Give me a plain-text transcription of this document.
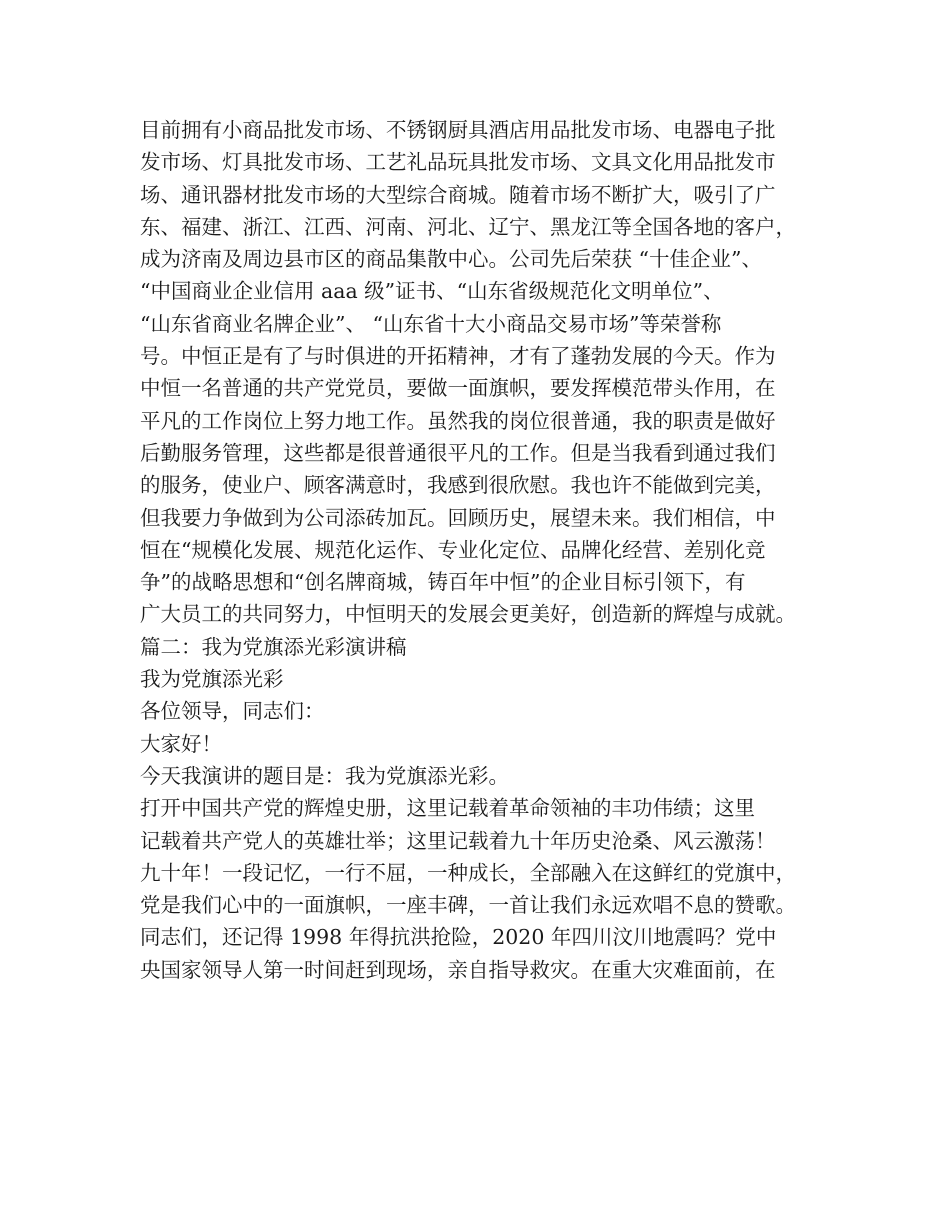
目前拥有小商品批发市场、不锈钢厨具酒店用品批发市场、电器电子批
发市场、灯具批发市场、工艺礼品玩具批发市场、文具文化用品批发市
场、通讯器材批发市场的大型综合商城。随着市场不断扩大，吸引了广
东、福建、浙江、江西、河南、河北、辽宁、黑龙江等全国各地的客户，
成为济南及周边县市区的商品集散中心。公司先后荣获 “十佳企业”、
“中国商业企业信用 aaa 级”证书、“山东省级规范化文明单位”、
“山东省商业名牌企业”、 “山东省十大小商品交易市场”等荣誉称
号。中恒正是有了与时俱进的开拓精神，才有了蓬勃发展的今天。作为
中恒一名普通的共产党党员，要做一面旗帜，要发挥模范带头作用，在
平凡的工作岗位上努力地工作。虽然我的岗位很普通，我的职责是做好
后勤服务管理，这些都是很普通很平凡的工作。但是当我看到通过我们
的服务，使业户、顾客满意时，我感到很欣慰。我也许不能做到完美，
但我要力争做到为公司添砖加瓦。回顾历史，展望未来。我们相信，中
恒在“规模化发展、规范化运作、专业化定位、品牌化经营、差别化竞
争”的战略思想和“创名牌商城，铸百年中恒”的企业目标引领下，有
广大员工的共同努力，中恒明天的发展会更美好，创造新的辉煌与成就。
篇二：我为党旗添光彩演讲稿
我为党旗添光彩
各位领导，同志们：
大家好！
今天我演讲的题目是：我为党旗添光彩。
打开中国共产党的辉煌史册，这里记载着革命领袖的丰功伟绩；这里
记载着共产党人的英雄壮举；这里记载着九十年历史沧桑、风云激荡！
九十年！一段记忆，一行不屈，一种成长，全部融入在这鲜红的党旗中，
党是我们心中的一面旗帜，一座丰碑，一首让我们永远欢唱不息的赞歌。
同志们，还记得 1998 年得抗洪抢险，2020 年四川汶川地震吗？党中
央国家领导人第一时间赶到现场，亲自指导救灾。在重大灾难面前，在
